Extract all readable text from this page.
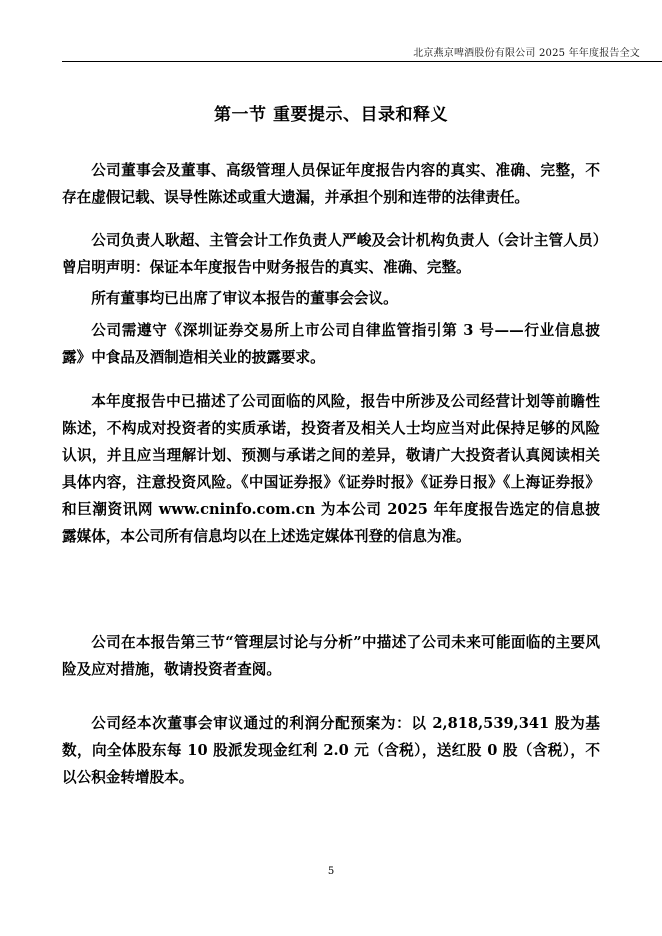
北京燕京啤酒股份有限公司 2025 年年度报告全文
第一节 重要提示、目录和释义

公司董事会及董事、高级管理人员保证年度报告内容的真实、准确、完整，不存在虚假记载、误导性陈述或重大遗漏，并承担个别和连带的法律责任。

公司负责人耿超、主管会计工作负责人严峻及会计机构负责人（会计主管人员）曾启明声明：保证本年度报告中财务报告的真实、准确、完整。

所有董事均已出席了审议本报告的董事会会议。

公司需遵守《深圳证券交易所上市公司自律监管指引第 3 号——行业信息披露》中食品及酒制造相关业的披露要求。

本年度报告中已描述了公司面临的风险，报告中所涉及公司经营计划等前瞻性陈述，不构成对投资者的实质承诺，投资者及相关人士均应当对此保持足够的风险认识，并且应当理解计划、预测与承诺之间的差异，敬请广大投资者认真阅读相关具体内容，注意投资风险。《中国证券报》《证券时报》《证券日报》《上海证券报》和巨潮资讯网 www.cninfo.com.cn 为本公司 2025 年年度报告选定的信息披露媒体，本公司所有信息均以在上述选定媒体刊登的信息为准。

公司在本报告第三节“管理层讨论与分析”中描述了公司未来可能面临的主要风险及应对措施，敬请投资者查阅。

公司经本次董事会审议通过的利润分配预案为：以 2,818,539,341 股为基数，向全体股东每 10 股派发现金红利 2.0 元（含税），送红股 0 股（含税），不以公积金转增股本。

5
